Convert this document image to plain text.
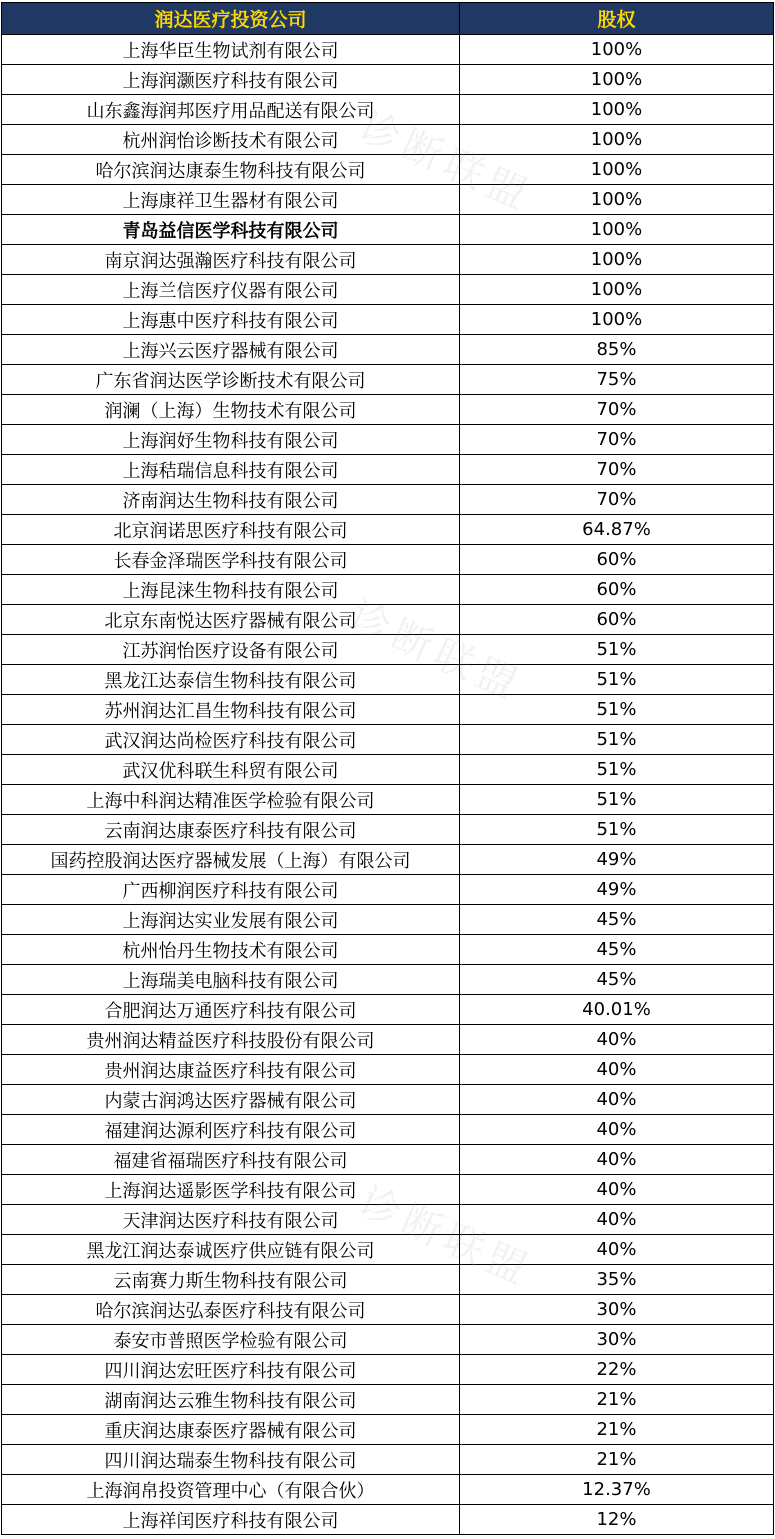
润达医疗投资公司	股权
上海华臣生物试剂有限公司	100%
上海润灏医疗科技有限公司	100%
山东鑫海润邦医疗用品配送有限公司	100%
杭州润怡诊断技术有限公司	100%
哈尔滨润达康泰生物科技有限公司	100%
上海康祥卫生器材有限公司	100%
青岛益信医学科技有限公司	100%
南京润达强瀚医疗科技有限公司	100%
上海兰信医疗仪器有限公司	100%
上海惠中医疗科技有限公司	100%
上海兴云医疗器械有限公司	85%
广东省润达医学诊断技术有限公司	75%
润澜（上海）生物技术有限公司	70%
上海润妤生物科技有限公司	70%
上海秸瑞信息科技有限公司	70%
济南润达生物科技有限公司	70%
北京润诺思医疗科技有限公司	64.87%
长春金泽瑞医学科技有限公司	60%
上海昆涞生物科技有限公司	60%
北京东南悦达医疗器械有限公司	60%
江苏润怡医疗设备有限公司	51%
黑龙江达泰信生物科技有限公司	51%
苏州润达汇昌生物科技有限公司	51%
武汉润达尚检医疗科技有限公司	51%
武汉优科联生科贸有限公司	51%
上海中科润达精准医学检验有限公司	51%
云南润达康泰医疗科技有限公司	51%
国药控股润达医疗器械发展（上海）有限公司	49%
广西柳润医疗科技有限公司	49%
上海润达实业发展有限公司	45%
杭州怡丹生物技术有限公司	45%
上海瑞美电脑科技有限公司	45%
合肥润达万通医疗科技有限公司	40.01%
贵州润达精益医疗科技股份有限公司	40%
贵州润达康益医疗科技有限公司	40%
内蒙古润鸿达医疗器械有限公司	40%
福建润达源利医疗科技有限公司	40%
福建省福瑞医疗科技有限公司	40%
上海润达遥影医学科技有限公司	40%
天津润达医疗科技有限公司	40%
黑龙江润达泰诚医疗供应链有限公司	40%
云南赛力斯生物科技有限公司	35%
哈尔滨润达弘泰医疗科技有限公司	30%
泰安市普照医学检验有限公司	30%
四川润达宏旺医疗科技有限公司	22%
湖南润达云雅生物科技有限公司	21%
重庆润达康泰医疗器械有限公司	21%
四川润达瑞泰生物科技有限公司	21%
上海润帛投资管理中心（有限合伙）	12.37%
上海祥闰医疗科技有限公司	12%
诊断联盟
诊断联盟
诊断联盟
